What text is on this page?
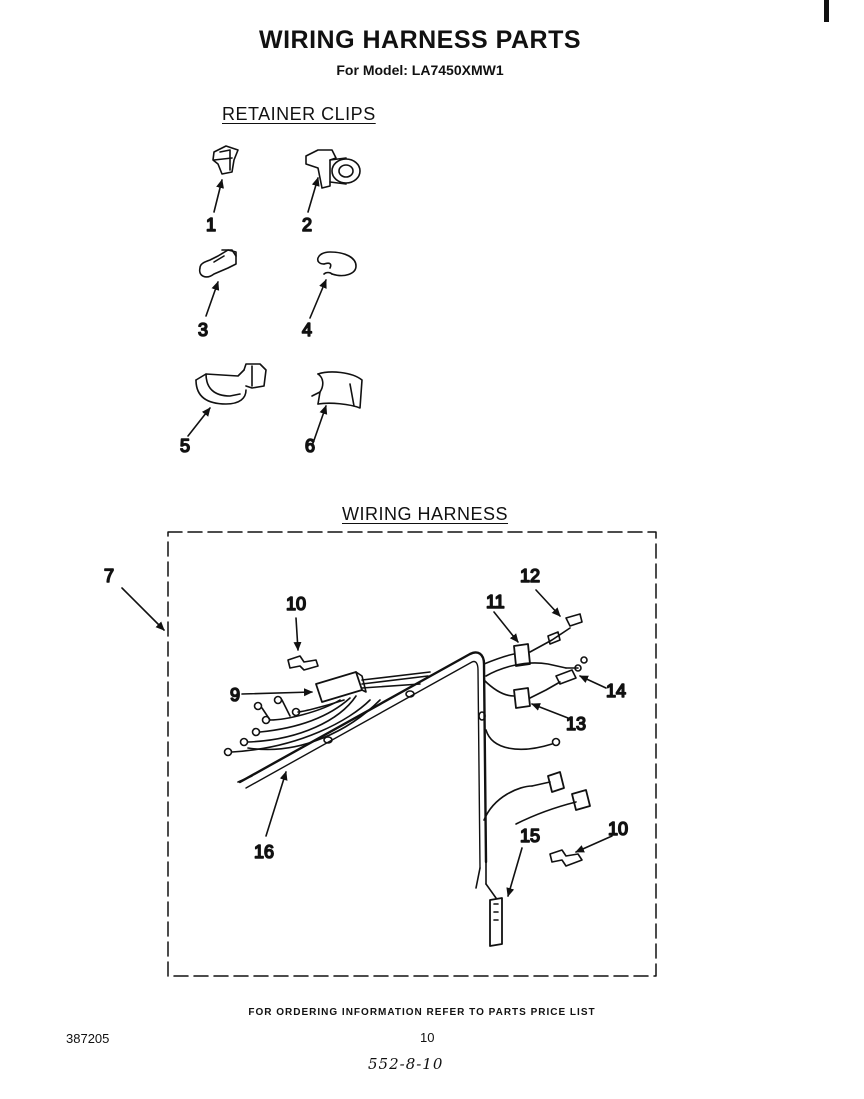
WIRING HARNESS PARTS
For Model: LA7450XMW1
RETAINER CLIPS
WIRING HARNESS
1	2
3	4
5	6
7
9
10
10
11
12
13
14
15
16
FOR ORDERING INFORMATION REFER TO PARTS PRICE LIST
387205	10
552-8-10
